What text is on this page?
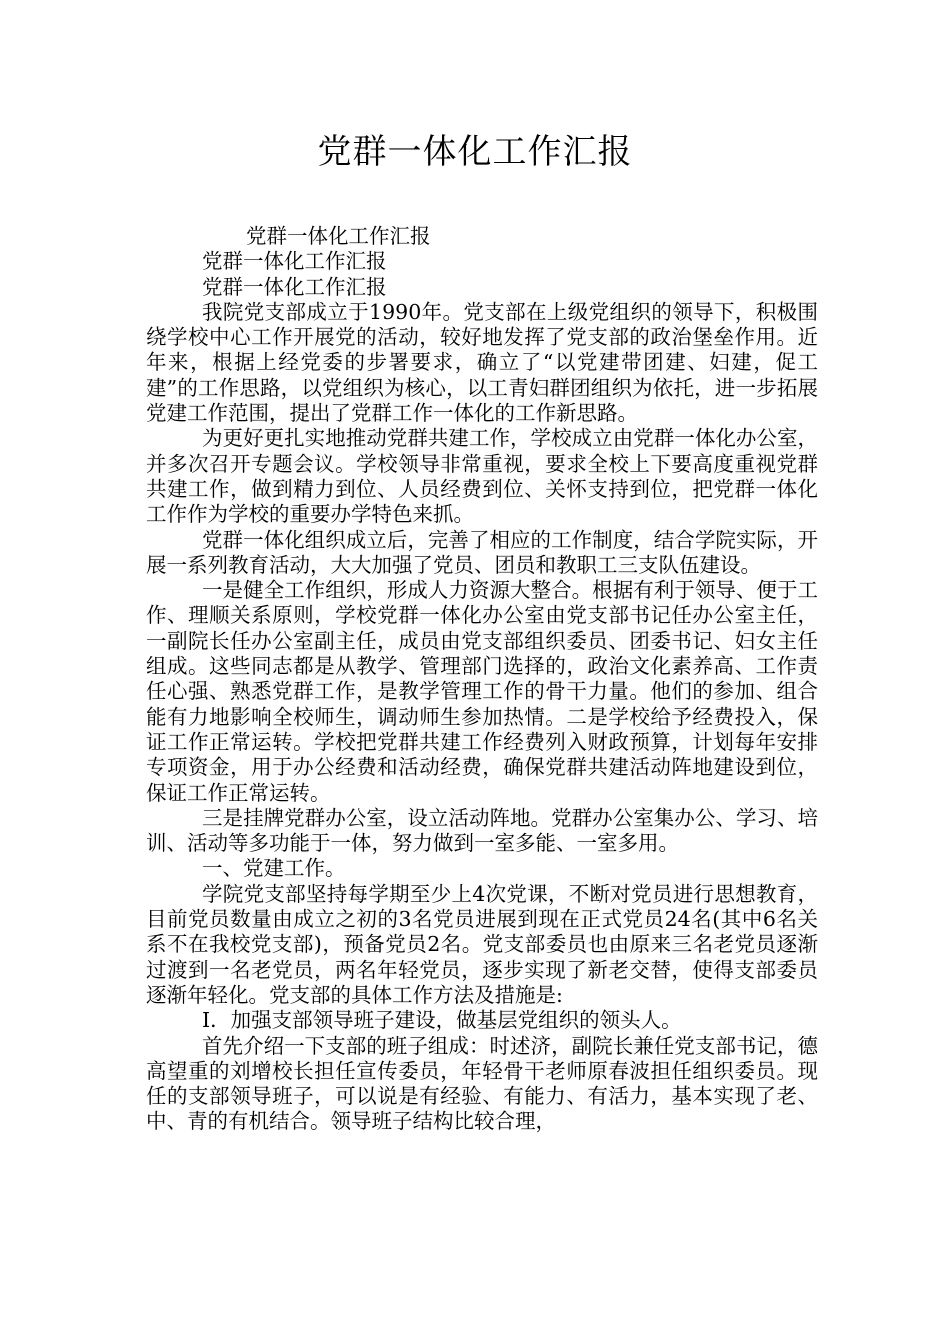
党群一体化工作汇报

党群一体化工作汇报

党群一体化工作汇报

党群一体化工作汇报

我院党支部成立于1990年。党支部在上级党组织的领导下，积极围绕学校中心工作开展党的活动，较好地发挥了党支部的政治堡垒作用。近年来，根据上经党委的步署要求，确立了“以党建带团建、妇建，促工建”的工作思路，以党组织为核心，以工青妇群团组织为依托，进一步拓展党建工作范围，提出了党群工作一体化的工作新思路。

为更好更扎实地推动党群共建工作，学校成立由党群一体化办公室，并多次召开专题会议。学校领导非常重视，要求全校上下要高度重视党群共建工作，做到精力到位、人员经费到位、关怀支持到位，把党群一体化工作作为学校的重要办学特色来抓。

党群一体化组织成立后，完善了相应的工作制度，结合学院实际，开展一系列教育活动，大大加强了党员、团员和教职工三支队伍建设。

一是健全工作组织，形成人力资源大整合。根据有利于领导、便于工作、理顺关系原则，学校党群一体化办公室由党支部书记任办公室主任，一副院长任办公室副主任，成员由党支部组织委员、团委书记、妇女主任组成。这些同志都是从教学、管理部门选择的，政治文化素养高、工作责任心强、熟悉党群工作，是教学管理工作的骨干力量。他们的参加、组合能有力地影响全校师生，调动师生参加热情。二是学校给予经费投入，保证工作正常运转。学校把党群共建工作经费列入财政预算，计划每年安排专项资金，用于办公经费和活动经费，确保党群共建活动阵地建设到位，保证工作正常运转。

三是挂牌党群办公室，设立活动阵地。党群办公室集办公、学习、培训、活动等多功能于一体，努力做到一室多能、一室多用。

一、党建工作。

学院党支部坚持每学期至少上4次党课，不断对党员进行思想教育，目前党员数量由成立之初的3名党员进展到现在正式党员24名(其中6名关系不在我校党支部)，预备党员2名。党支部委员也由原来三名老党员逐渐过渡到一名老党员，两名年轻党员，逐步实现了新老交替，使得支部委员逐渐年轻化。党支部的具体工作方法及措施是:

I．加强支部领导班子建设，做基层党组织的领头人。

首先介绍一下支部的班子组成：时述济，副院长兼任党支部书记，德高望重的刘增校长担任宣传委员，年轻骨干老师原春波担任组织委员。现任的支部领导班子，可以说是有经验、有能力、有活力，基本实现了老、中、青的有机结合。领导班子结构比较合理，
